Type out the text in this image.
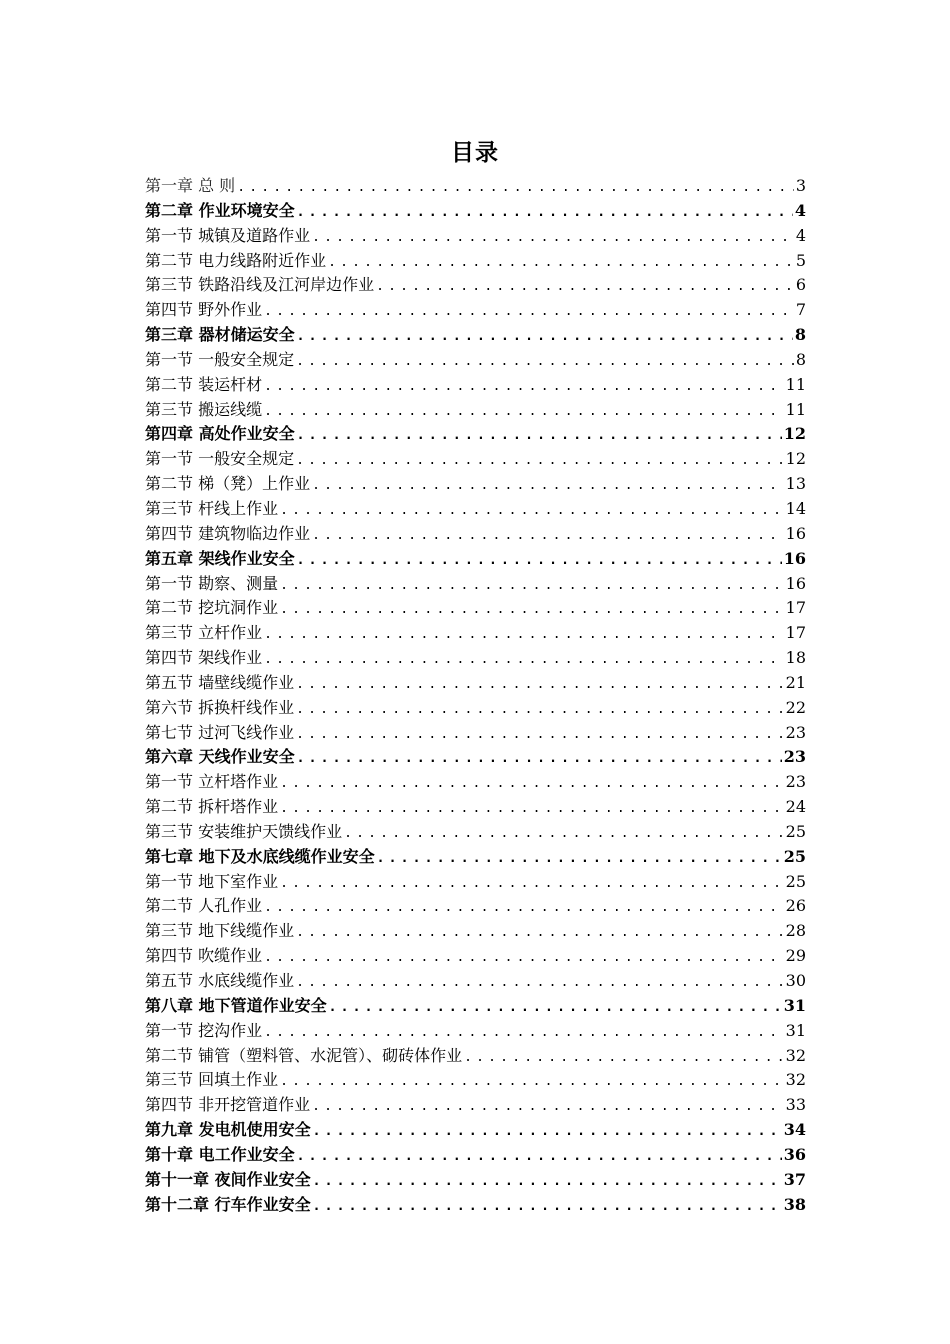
目录
第一章 总 则 .....	3
第二章 作业环境安全 .....	4
第一节 城镇及道路作业 .....	4
第二节 电力线路附近作业 .....	5
第三节 铁路沿线及江河岸边作业 .....	6
第四节 野外作业 .....	7
第三章 器材储运安全 .....	8
第一节 一般安全规定 .....	8
第二节 装运杆材 .....	11
第三节 搬运线缆 .....	11
第四章 高处作业安全 .....	12
第一节 一般安全规定 .....	12
第二节 梯（凳）上作业 .....	13
第三节 杆线上作业 .....	14
第四节 建筑物临边作业 .....	16
第五章 架线作业安全 .....	16
第一节 勘察、测量 .....	16
第二节 挖坑洞作业 .....	17
第三节 立杆作业 .....	17
第四节 架线作业 .....	18
第五节 墙壁线缆作业 .....	21
第六节 拆换杆线作业 .....	22
第七节 过河飞线作业 .....	23
第六章 天线作业安全 .....	23
第一节 立杆塔作业 .....	23
第二节 拆杆塔作业 .....	24
第三节 安装维护天馈线作业 .....	25
第七章 地下及水底线缆作业安全 .....	25
第一节 地下室作业 .....	25
第二节 人孔作业 .....	26
第三节 地下线缆作业 .....	28
第四节 吹缆作业 .....	29
第五节 水底线缆作业 .....	30
第八章 地下管道作业安全 .....	31
第一节 挖沟作业 .....	31
第二节 铺管（塑料管、水泥管）、砌砖体作业 .....	32
第三节 回填土作业 .....	32
第四节 非开挖管道作业 .....	33
第九章 发电机使用安全 .....	34
第十章 电工作业安全 .....	36
第十一章 夜间作业安全 .....	37
第十二章 行车作业安全 .....	38
